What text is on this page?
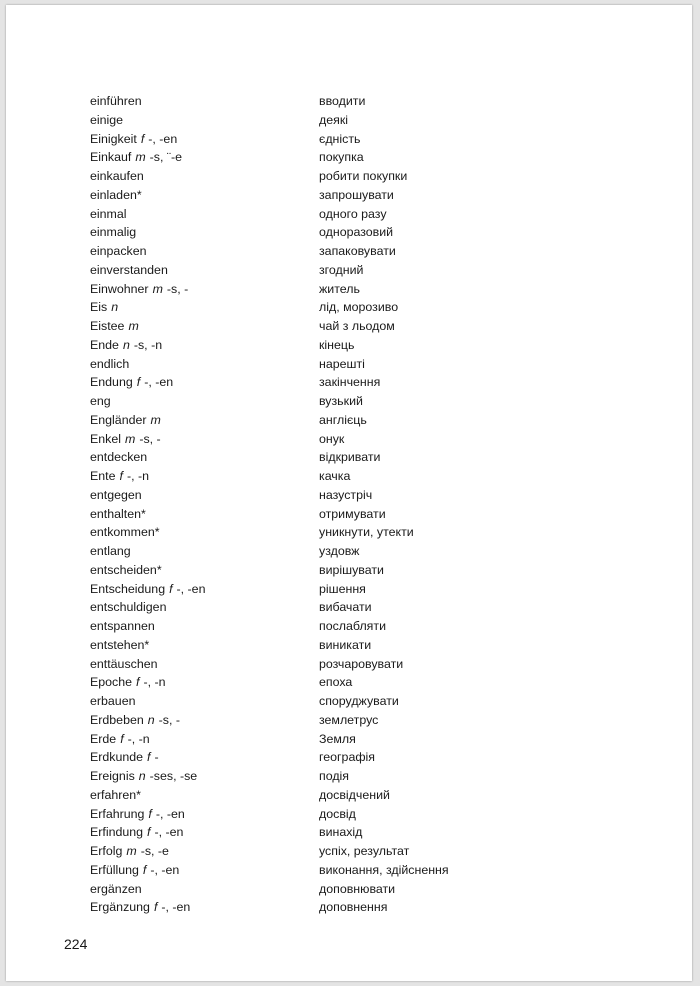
einführen	вводити
einige	деякі
Einigkeit f -, -en	єдність
Einkauf m -s, ¨-e	покупка
einkaufen	робити покупки
einladen*	запрошувати
einmal	одного разу
einmalig	одноразовий
einpacken	запаковувати
einverstanden	згодний
Einwohner m -s, -	житель
Eis n	лід, морозиво
Eistee m	чай з льодом
Ende n -s, -n	кінець
endlich	нарешті
Endung f -, -en	закінчення
eng	вузький
Engländer m	англієць
Enkel m -s, -	онук
entdecken	відкривати
Ente f -, -n	качка
entgegen	назустріч
enthalten*	отримувати
entkommen*	уникнути, утекти
entlang	уздовж
entscheiden*	вирішувати
Entscheidung f -, -en	рішення
entschuldigen	вибачати
entspannen	послабляти
entstehen*	виникати
enttäuschen	розчаровувати
Epoche f -, -n	епоха
erbauen	споруджувати
Erdbeben n -s, -	землетрус
Erde f -, -n	Земля
Erdkunde f -	географія
Ereignis n -ses, -se	подія
erfahren*	досвідчений
Erfahrung f -, -en	досвід
Erfindung f -, -en	винахід
Erfolg m -s, -e	успіх, результат
Erfüllung f -, -en	виконання, здійснення
ergänzen	доповнювати
Ergänzung f -, -en	доповнення
224
